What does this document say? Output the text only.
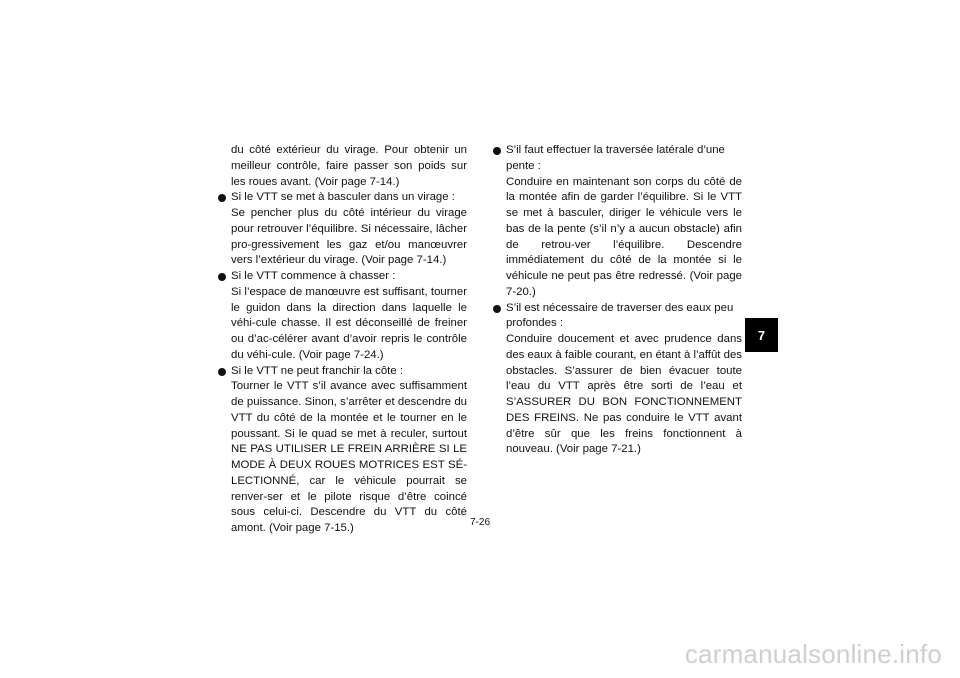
du côté extérieur du virage. Pour obtenir un meilleur contrôle, faire passer son poids sur les roues avant. (Voir page 7-14.)

Si le VTT se met à basculer dans un virage :
Se pencher plus du côté intérieur du virage pour retrouver l’équilibre. Si nécessaire, lâcher pro-gressivement les gaz et/ou manœuvrer vers l’extérieur du virage. (Voir page 7-14.)
Si le VTT commence à chasser :
Si l’espace de manœuvre est suffisant, tourner le guidon dans la direction dans laquelle le véhi-cule chasse. Il est déconseillé de freiner ou d’ac-célérer avant d’avoir repris le contrôle du véhi-cule. (Voir page 7-24.)
Si le VTT ne peut franchir la côte :
Tourner le VTT s’il avance avec suffisamment de puissance. Sinon, s’arrêter et descendre du VTT du côté de la montée et le tourner en le poussant. Si le quad se met à reculer, surtout NE PAS UTILISER LE FREIN ARRIÈRE SI LE MODE À DEUX ROUES MOTRICES EST SÉ-LECTIONNÉ, car le véhicule pourrait se renver-ser et le pilote risque d’être coincé sous celui-ci. Descendre du VTT du côté amont. (Voir page 7-15.)
S’il faut effectuer la traversée latérale d’une pente :
Conduire en maintenant son corps du côté de la montée afin de garder l’équilibre. Si le VTT se met à basculer, diriger le véhicule vers le bas de la pente (s’il n’y a aucun obstacle) afin de retrou-ver l’équilibre. Descendre immédiatement du côté de la montée si le véhicule ne peut pas être redressé. (Voir page 7-20.)
S’il est nécessaire de traverser des eaux peu profondes :
Conduire doucement et avec prudence dans des eaux à faible courant, en étant à l’affût des obstacles. S’assurer de bien évacuer toute l’eau du VTT après être sorti de l’eau et S’ASSURER DU BON FONCTIONNEMENT DES FREINS. Ne pas conduire le VTT avant d’être sûr que les freins fonctionnent à nouveau. (Voir page 7-21.)
7
7-26
carmanualsonline.info
